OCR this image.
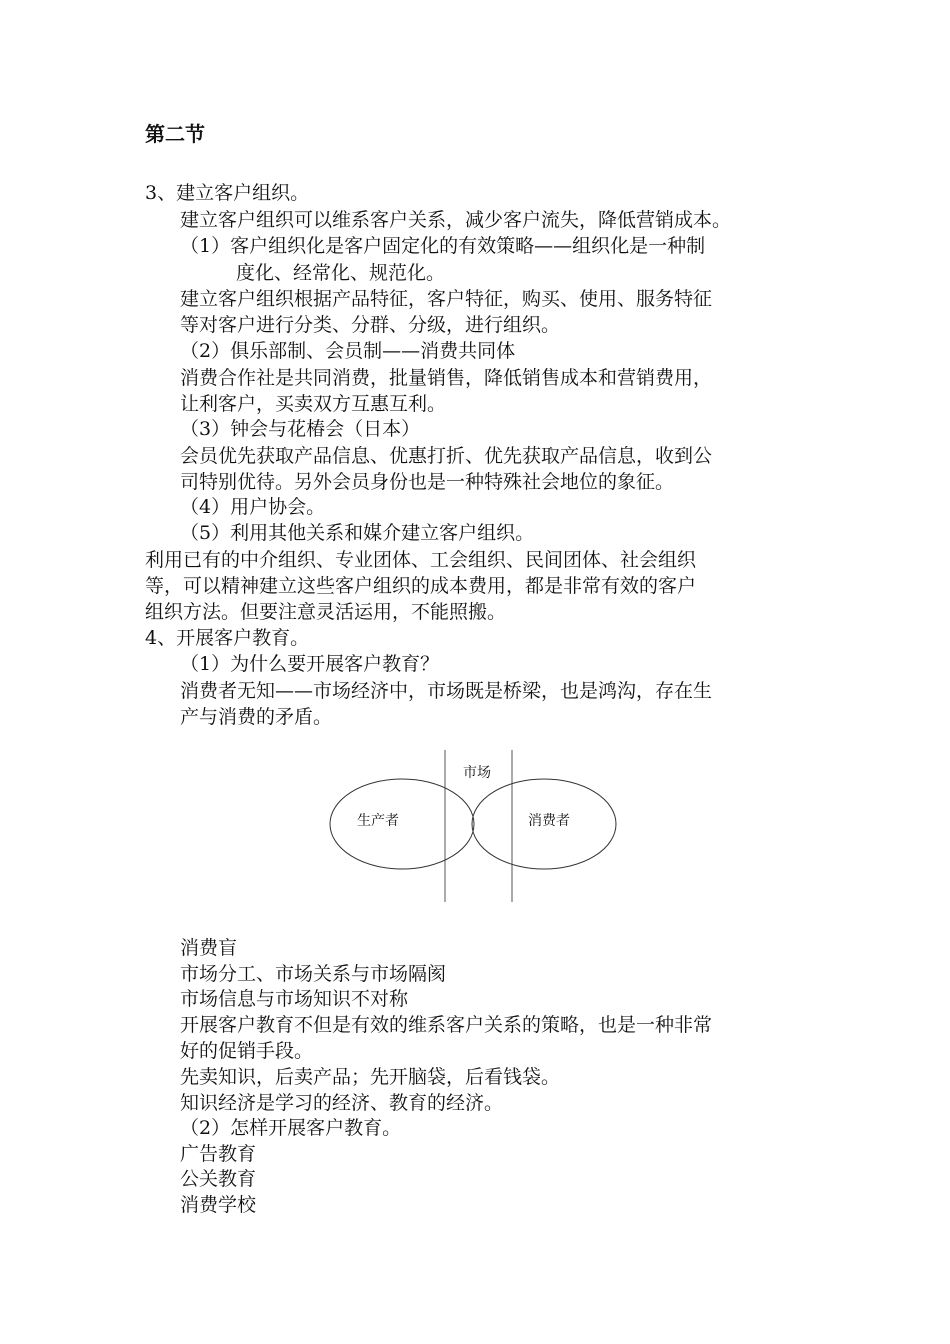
第二节
3、建立客户组织。
建立客户组织可以维系客户关系，减少客户流失，降低营销成本。
（1）客户组织化是客户固定化的有效策略——组织化是一种制
度化、经常化、规范化。
建立客户组织根据产品特征，客户特征，购买、使用、服务特征
等对客户进行分类、分群、分级，进行组织。
（2）俱乐部制、会员制——消费共同体
消费合作社是共同消费，批量销售，降低销售成本和营销费用，
让利客户，买卖双方互惠互利。
（3）钟会与花椿会（日本）
会员优先获取产品信息、优惠打折、优先获取产品信息，收到公
司特别优待。另外会员身份也是一种特殊社会地位的象征。
（4）用户协会。
（5）利用其他关系和媒介建立客户组织。
利用已有的中介组织、专业团体、工会组织、民间团体、社会组织
等，可以精神建立这些客户组织的成本费用，都是非常有效的客户
组织方法。但要注意灵活运用，不能照搬。
4、开展客户教育。
（1）为什么要开展客户教育？
消费者无知——市场经济中，市场既是桥梁，也是鸿沟，存在生
产与消费的矛盾。
市场
生产者	消费者
消费盲
市场分工、市场关系与市场隔阂
市场信息与市场知识不对称
开展客户教育不但是有效的维系客户关系的策略，也是一种非常
好的促销手段。
先卖知识，后卖产品；先开脑袋，后看钱袋。
知识经济是学习的经济、教育的经济。
（2）怎样开展客户教育。
广告教育
公关教育
消费学校
